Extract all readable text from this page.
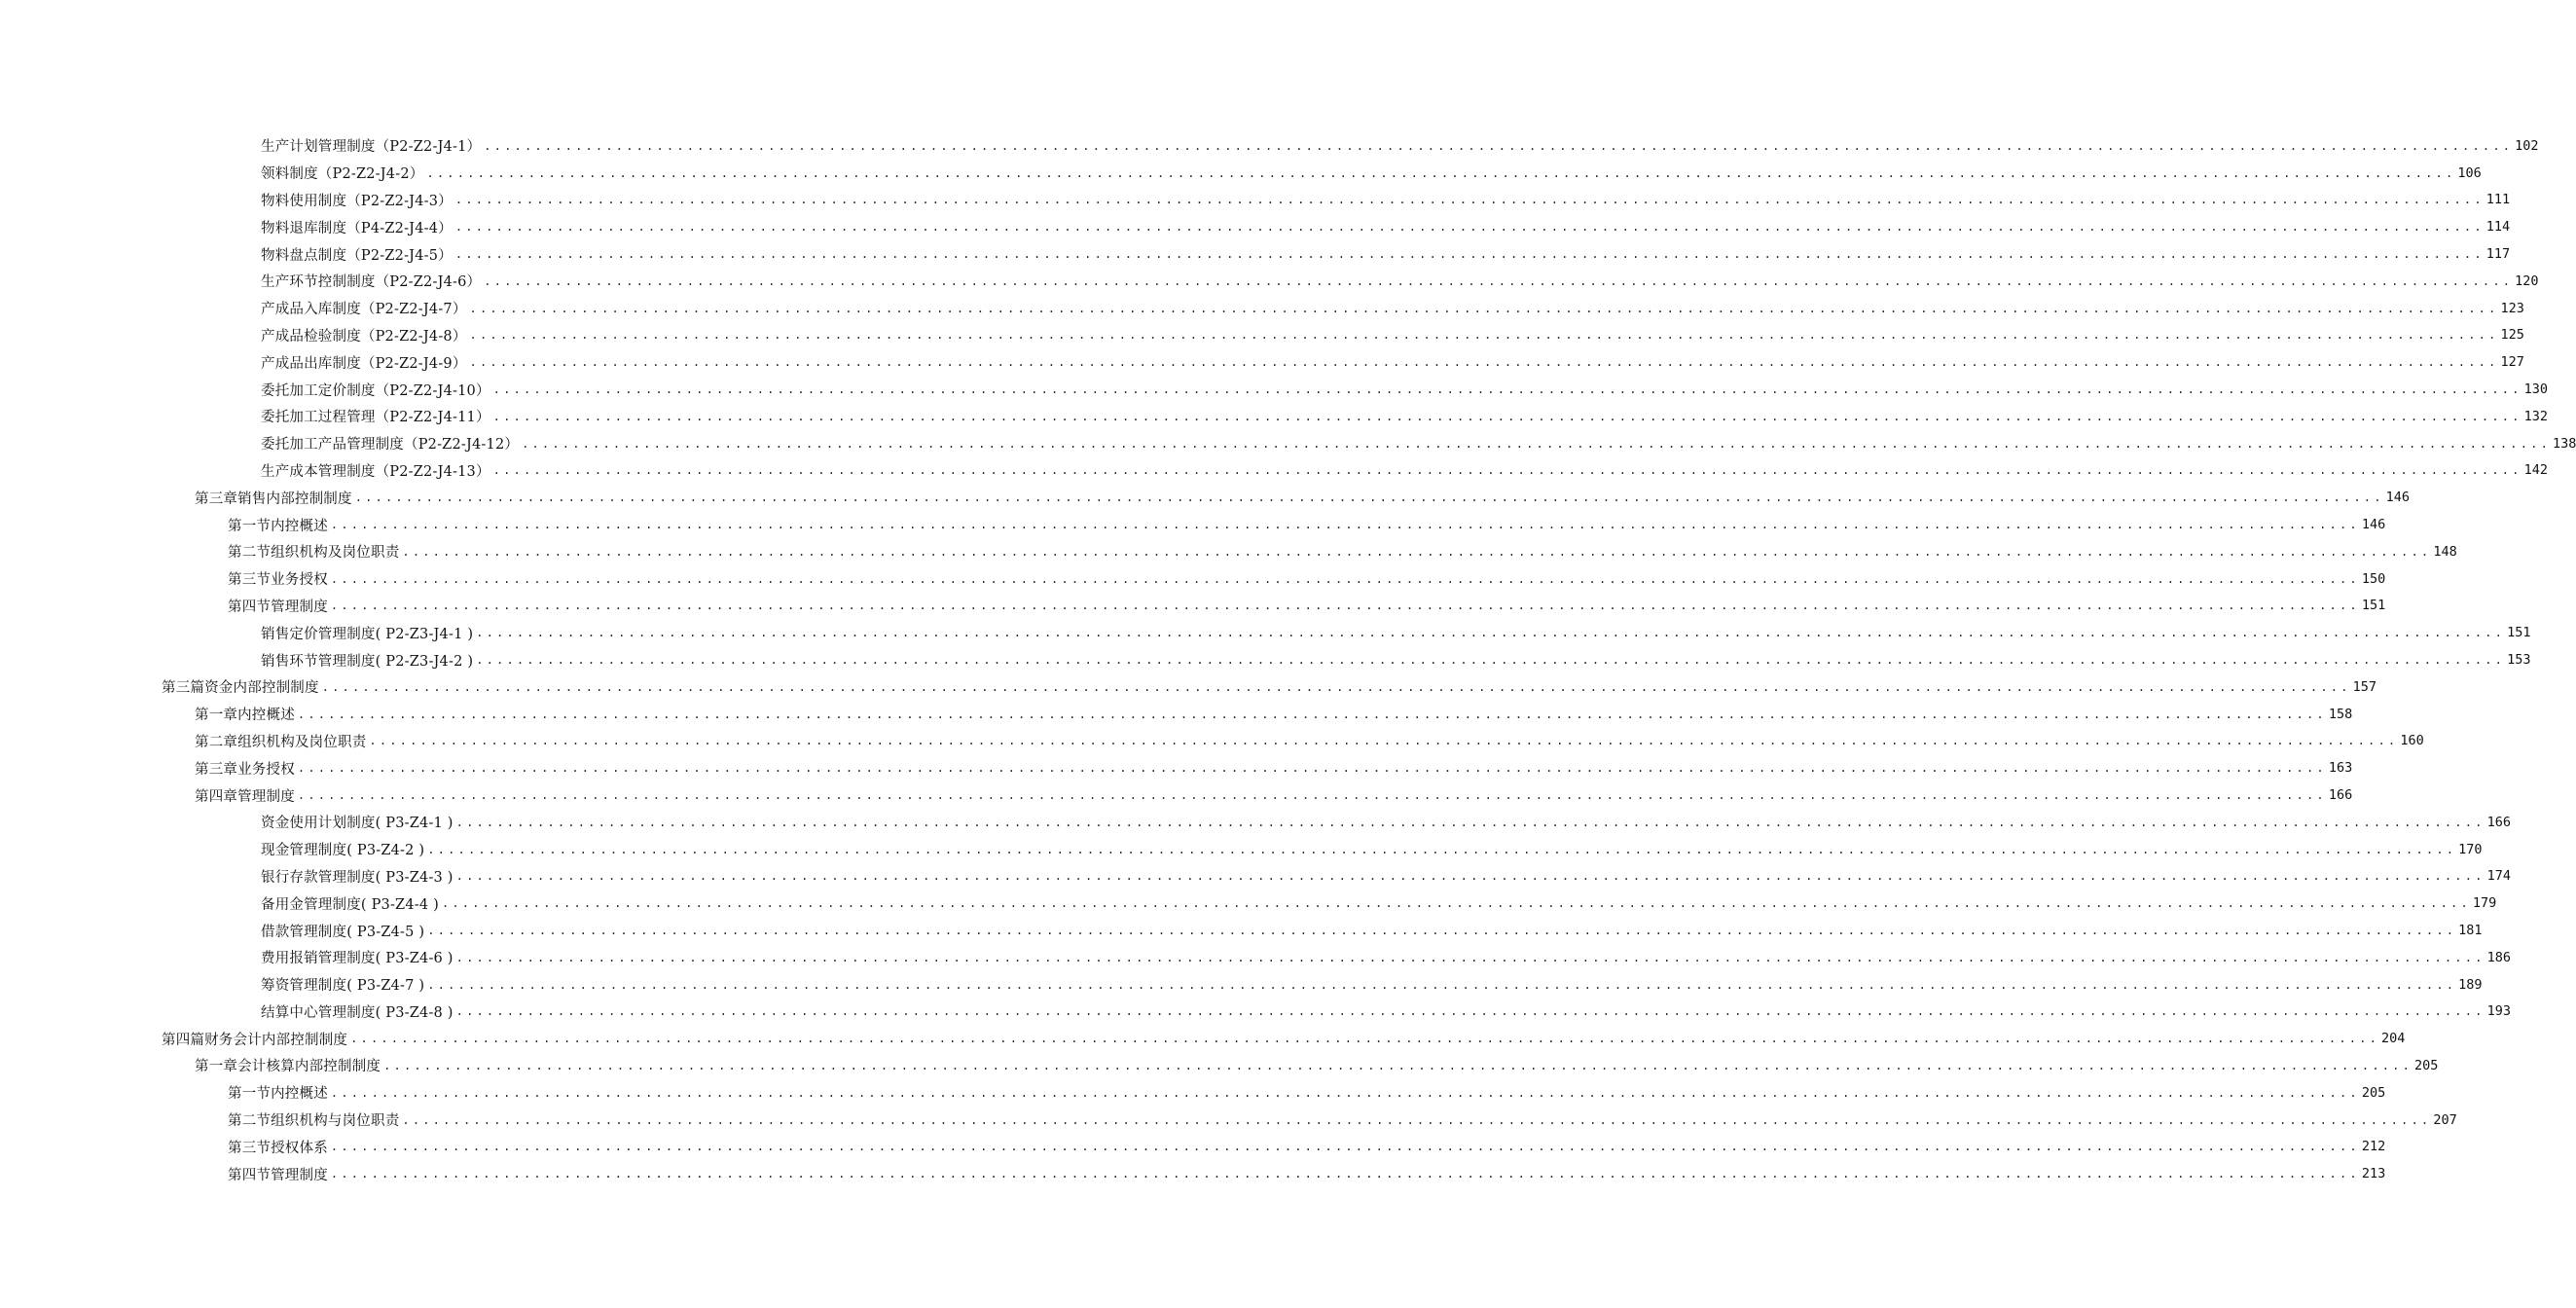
生产计划管理制度（P2-Z2-J4-1） ........................................................................................................................................................................................................ 102
领料制度（P2-Z2-J4-2） ........................................................................................................................................................................................................ 106
物料使用制度（P2-Z2-J4-3） ........................................................................................................................................................................................................ 111
物料退库制度（P4-Z2-J4-4） ........................................................................................................................................................................................................ 114
物料盘点制度（P2-Z2-J4-5） ........................................................................................................................................................................................................ 117
生产环节控制制度（P2-Z2-J4-6） ........................................................................................................................................................................................................ 120
产成品入库制度（P2-Z2-J4-7） ........................................................................................................................................................................................................ 123
产成品检验制度（P2-Z2-J4-8） ........................................................................................................................................................................................................ 125
产成品出库制度（P2-Z2-J4-9） ........................................................................................................................................................................................................ 127
委托加工定价制度（P2-Z2-J4-10） ........................................................................................................................................................................................................ 130
委托加工过程管理（P2-Z2-J4-11） ........................................................................................................................................................................................................ 132
委托加工产品管理制度（P2-Z2-J4-12） ........................................................................................................................................................................................................ 138
生产成本管理制度（P2-Z2-J4-13） ........................................................................................................................................................................................................ 142
第三章销售内部控制制度 ........................................................................................................................................................................................................ 146
第一节内控概述 ........................................................................................................................................................................................................ 146
第二节组织机构及岗位职责 ........................................................................................................................................................................................................ 148
第三节业务授权 ........................................................................................................................................................................................................ 150
第四节管理制度 ........................................................................................................................................................................................................ 151
销售定价管理制度( P2-Z3-J4-1 ) ........................................................................................................................................................................................................ 151
销售环节管理制度( P2-Z3-J4-2 ) ........................................................................................................................................................................................................ 153
第三篇资金内部控制制度 ........................................................................................................................................................................................................ 157
第一章内控概述 ........................................................................................................................................................................................................ 158
第二章组织机构及岗位职责 ........................................................................................................................................................................................................ 160
第三章业务授权 ........................................................................................................................................................................................................ 163
第四章管理制度 ........................................................................................................................................................................................................ 166
资金使用计划制度( P3-Z4-1 ) ........................................................................................................................................................................................................ 166
现金管理制度( P3-Z4-2 ) ........................................................................................................................................................................................................ 170
银行存款管理制度( P3-Z4-3 ) ........................................................................................................................................................................................................ 174
备用金管理制度( P3-Z4-4 ) ........................................................................................................................................................................................................ 179
借款管理制度( P3-Z4-5 ) ........................................................................................................................................................................................................ 181
费用报销管理制度( P3-Z4-6 ) ........................................................................................................................................................................................................ 186
筹资管理制度( P3-Z4-7 ) ........................................................................................................................................................................................................ 189
结算中心管理制度( P3-Z4-8 ) ........................................................................................................................................................................................................ 193
第四篇财务会计内部控制制度 ........................................................................................................................................................................................................ 204
第一章会计核算内部控制制度 ........................................................................................................................................................................................................ 205
第一节内控概述 ........................................................................................................................................................................................................ 205
第二节组织机构与岗位职责 ........................................................................................................................................................................................................ 207
第三节授权体系 ........................................................................................................................................................................................................ 212
第四节管理制度 ........................................................................................................................................................................................................ 213
